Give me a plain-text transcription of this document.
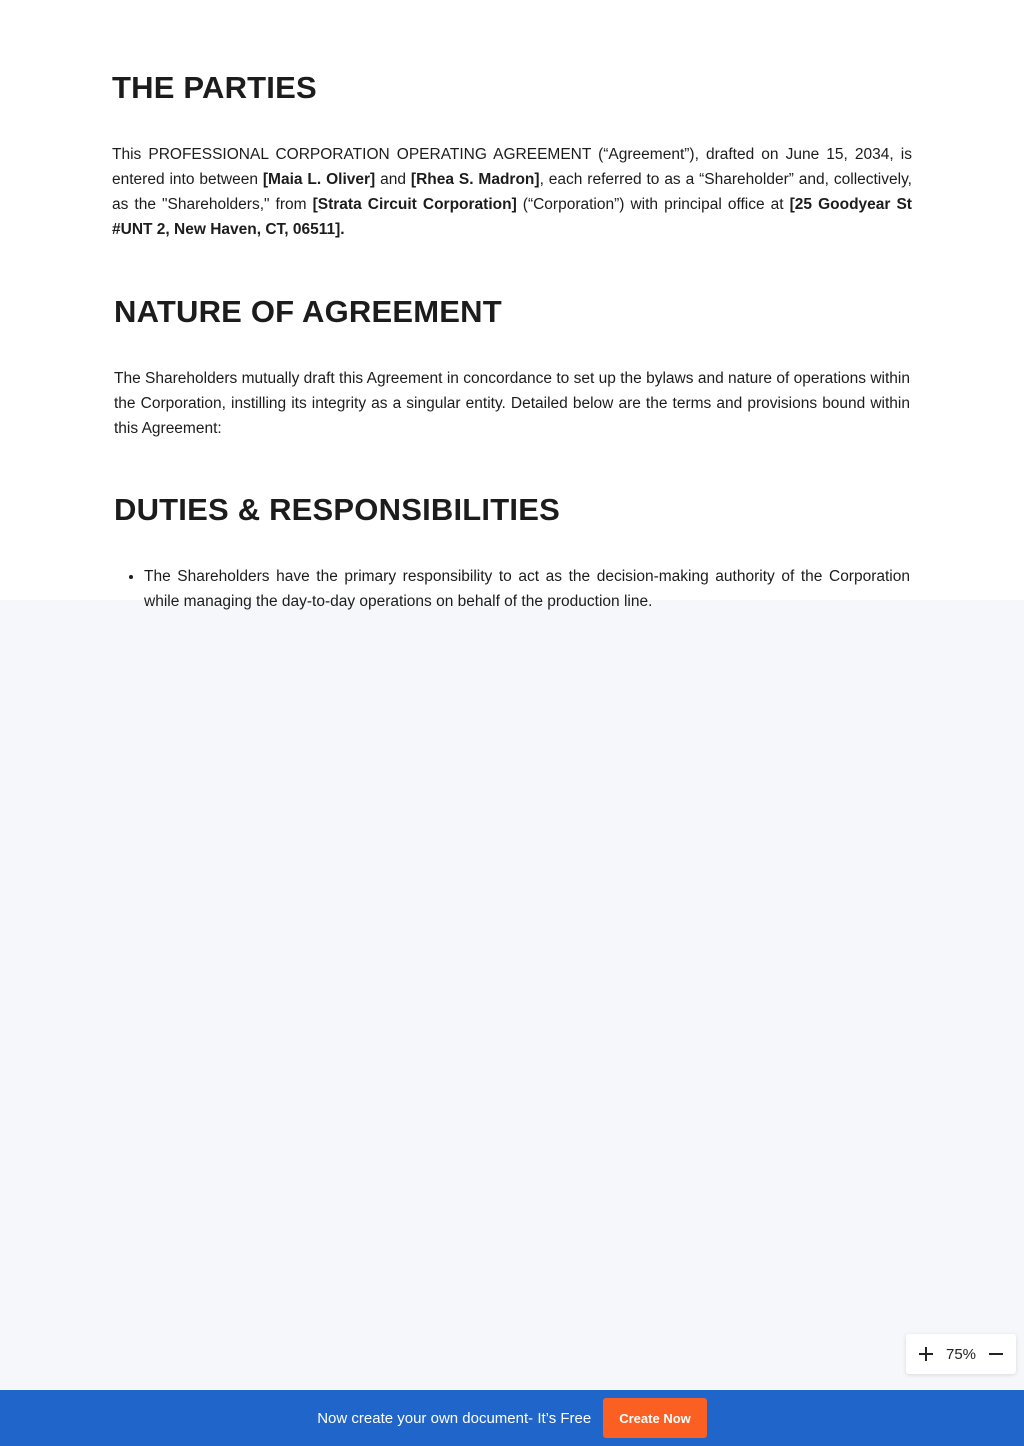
THE PARTIES

This PROFESSIONAL CORPORATION OPERATING AGREEMENT (“Agreement”), drafted on June 15, 2034, is entered into between [Maia L. Oliver] and [Rhea S. Madron], each referred to as a “Shareholder” and, collectively, as the "Shareholders," from [Strata Circuit Corporation] (“Corporation”) with principal office at [25 Goodyear St #UNT 2, New Haven, CT, 06511].

NATURE OF AGREEMENT

The Shareholders mutually draft this Agreement in concordance to set up the bylaws and nature of operations within the Corporation, instilling its integrity as a singular entity. Detailed below are the terms and provisions bound within this Agreement:

DUTIES & RESPONSIBILITIES
• The Shareholders have the primary responsibility to act as the decision-making authority of the Corporation while managing the day-to-day operations on behalf of the production line.
75%
Now create your own document- It’s Free	Create Now
